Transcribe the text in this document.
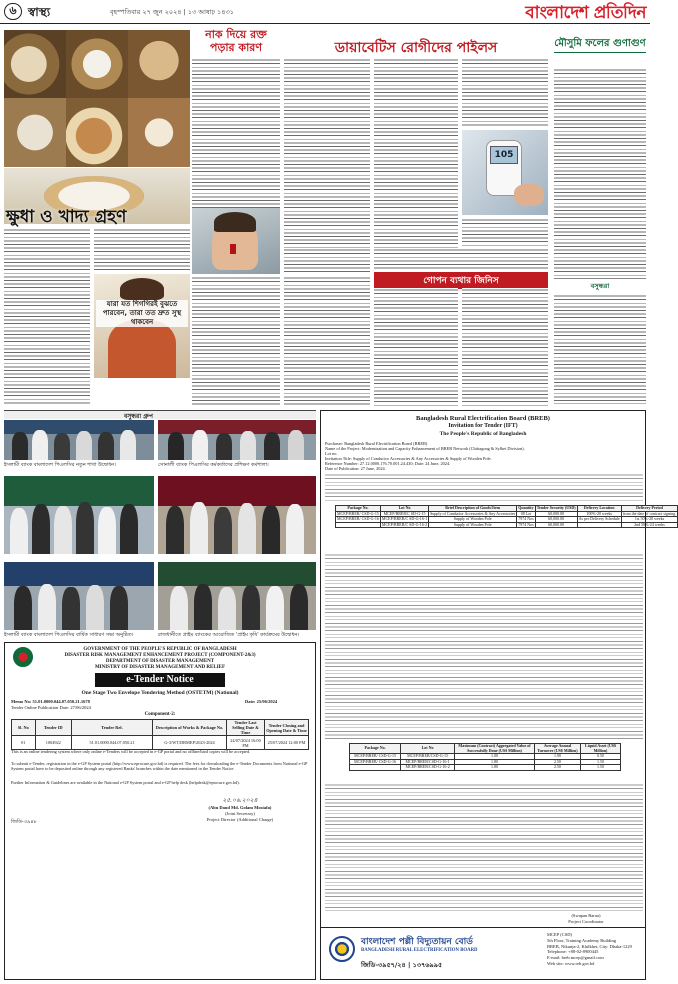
৬ স্বাস্থ্য	বৃহস্পতিবার ২৭ জুন ২০২৪ | ১৩ আষাঢ় ১৪৩১	বাংলাদেশ প্রতিদিন
ক্ষুধা ও খাদ্য গ্রহণ
নাক দিয়ে রক্ত পড়ার কারণ	ডায়াবেটিস রোগীদের পাইলস
105
মৌসুমি ফলের গুণাগুণ
বসুন্ধরা
যারা যত শিগগিরই বুঝতে পারবেন, তারা তত দ্রুত সুস্থ থাকবেন
গোপন ব্যথার জিনিস
বসুন্ধরা গ্রুপ
ইসলামী ব্যাংক বাংলাদেশ পিএলসির নতুন শাখা উদ্বোধন।	সোনালী ব্যাংক পিএলসির কর্মকর্তাদের প্রশিক্ষণ কর্মশালা।
ইসলামী ব্যাংক বাংলাদেশ পিএলসির বার্ষিক সাধারণ সভা অনুষ্ঠিত।	রাজধানীতে প্রাইম ব্যাংকের আয়োজিত 'প্রাইম কৃষি' কার্যক্রমের উদ্বোধন।
Bangladesh Rural Electrification Board (BREB)
Invitation for Tender (IFT)
The People's Republic of Bangladesh
Purchaser: Bangladesh Rural Electrification Board (BREB)
Name of the Project: Modernization and Capacity Enhancement of BREB Network (Chittagong & Sylhet Division).
Lot no.
Invitation Title: Supply of Conductor Accessories & Any Accessories & Supply of Wooden Pole.
Reference Number: 27.12.0000.176.70.001.24.430; Date: 24 June, 2024.
Date of Publication: 27 June, 2024.
Package No.	Lot No	Brief Description of Goods/Item	Quantity	Tender Security (USD)	Delivery Location	Delivery Period
MCEP/BREB/ CSD-G-15	MCEP/BREB/C SD-G-15	Supply of Conductor Accessories & Any Accessories	08 Lot	60,000.00	100%-20 weeks	from the date of contract signing.
MCEP/BREB/ CSD-G-16	MCEP/BREB/C SD-G-16-1	Supply of Wooden Pole	7974 Nos	60,000.00	As per Delivery Schedule	1st 50%-20 weeks
	MCEP/BREB/C SD-G-16-2	Supply of Wooden Pole	7974 Nos	60,000.00		2nd 50%-24 weeks
Package No.	Lot No	Maximum (Contract) Aggregated Value of Successfully Done (US$ Million)	Average Annual Turnover (US$ Million)	Liquid Asset (US$ Million)
MCEP/BREB/ CSD-G-15	MCEP/BREB/CSD-G-15	1.00	1.90	0.50
MCEP/BREB/ CSD-G-16	MCEP/BREB/CSD-G-16-1	1.80	2.50	1.50
	MCEP/BREB/CSD-G-16-2	1.80	2.50	1.50
(Swapan Barua)
Project Coordinator
বাংলাদেশ পল্লী বিদ্যুতায়ন বোর্ড
BANGLADESH RURAL ELECTRIFICATION BOARD
জিডি-৩৯৫৭/২৪ | ১৩৭৬৯৯৫
MCEP (CSD)
5th Floor, Training Academy Building
BREB, Nikunja-2, Khilkhet, City: Dhaka-1229
Telephone: +88-02-8900445
E-mail: breb.mcep@gmail.com
Web site: www.reb.gov.bd
GOVERNMENT OF THE PEOPLE'S REPUBLIC OF BANGLADESH
DISASTER RISK MANAGEMENT ENHANCEMENT PROJECT (COMPONENT-2&3)
DEPARTMENT OF DISASTER MANAGEMENT
MINISTRY OF DISASTER MANAGEMENT AND RELIEF
e-Tender Notice
One Stage Two Envelope Tendering Method (OSTETM) (National)
Memo No: 51.01.0000.044.07.050.21.1678	Date: 25/06/2024
Tender Online Publication Date: 27/06/2024
Component-2:
Sl. No	Tender ID	Tender Ref.	Description of Works & Package No.	Tender Last Selling Date & Time	Tender Closing and Opening Date & Time
01	1004922	51.01.0000.044.07.050.21	G-3/WT/DRMEP/2023-2024	24/07/2024 16:00 PM	25/07/2024 12:00 PM
This is an online tendering system where only online e-Tenders will be accepted in e-GP portal and no offline/hard copies will be accepted.
To submit e-Tender, registration in the e-GP System portal (http://www.eprocure.gov.bd) is required. The fees for downloading the e-Tender Documents from National e-GP System portal have to be deposited online through any registered Banks' branches within the date mentioned in the Tender Notice.
Further Information & Guidelines are available in the National e-GP System portal and e-GP help desk (helpdesk@eprocure.gov.bd).
২৫.০৬.২০২৪
(Abu Daud Md. Golam Mostafa)
(Joint Secretary)
Project Director (Additional Charge)
জিডি-৩৯৪৮
